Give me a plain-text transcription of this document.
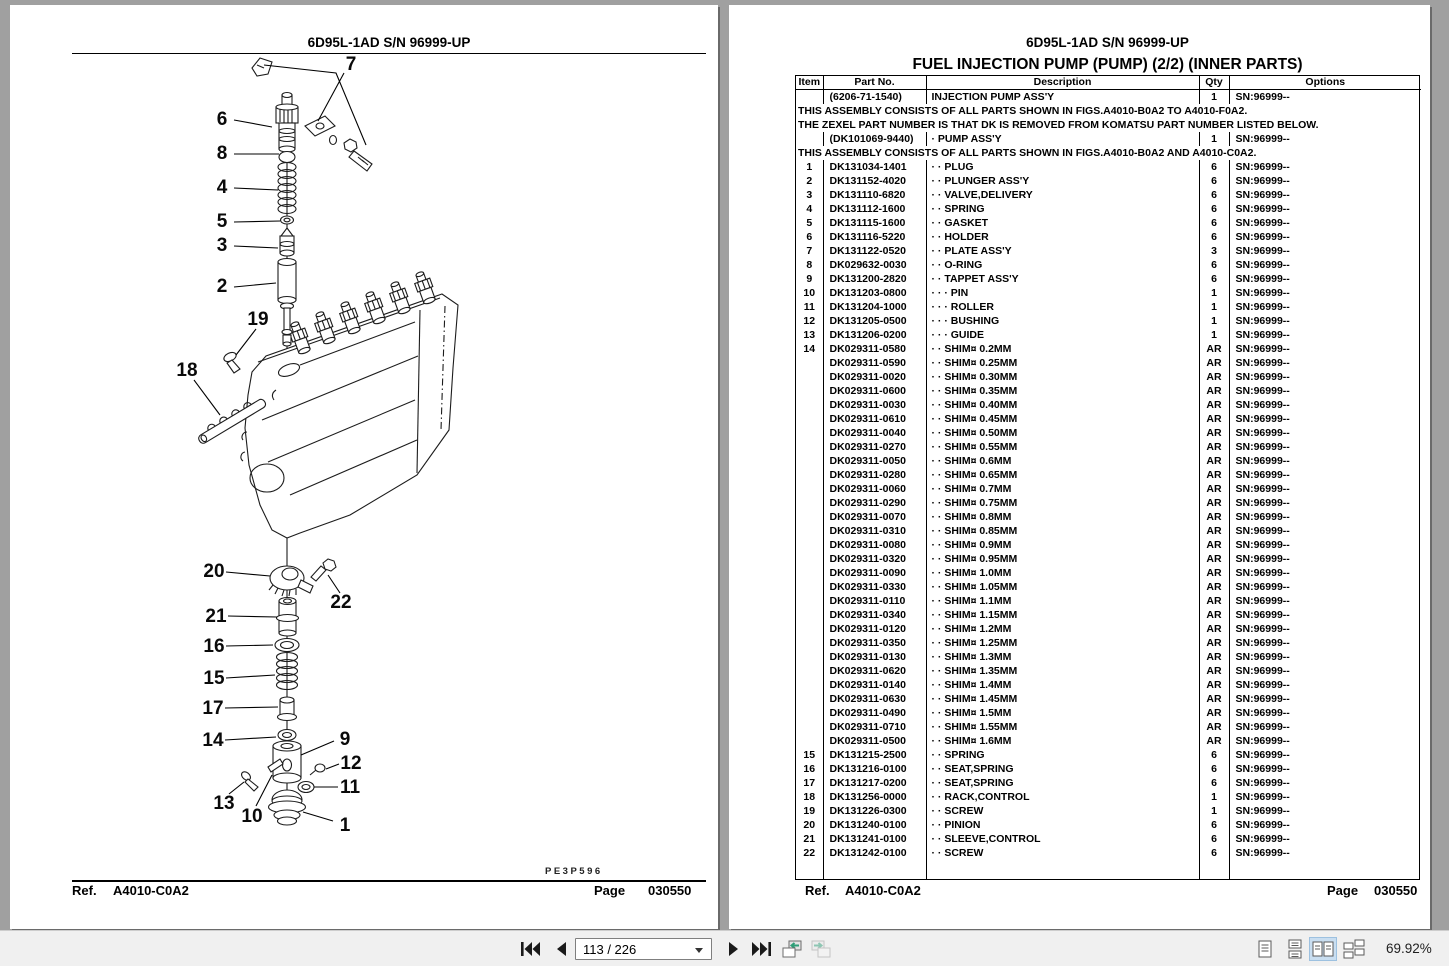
6D95L-1AD S/N 96999-UP
7
6
8
4
5
3
2
19
18
20
22
21
16
15
17
14	9
12
11
13
10	1
PE3P596
Ref. A4010-C0A2	Page 030550
6D95L-1AD S/N 96999-UP
FUEL INJECTION PUMP (PUMP) (2/2) (INNER PARTS)
Item	Part No.	Description	Qty	Options
	(6206-71-1540)	INJECTION PUMP ASS'Y	1	SN:96999--
THIS ASSEMBLY CONSISTS OF ALL PARTS SHOWN IN FIGS.A4010-B0A2 TO A4010-F0A2.				
THE ZEXEL PART NUMBER IS THAT DK IS REMOVED FROM KOMATSU PART NUMBER LISTED BELOW.				
	(DK101069-9440)	· PUMP ASS'Y	1	SN:96999--
THIS ASSEMBLY CONSISTS OF ALL PARTS SHOWN IN FIGS.A4010-B0A2 AND A4010-C0A2.				
1	DK131034-1401	· · PLUG	6	SN:96999--
2	DK131152-4020	· · PLUNGER ASS'Y	6	SN:96999--
3	DK131110-6820	· · VALVE,DELIVERY	6	SN:96999--
4	DK131112-1600	· · SPRING	6	SN:96999--
5	DK131115-1600	· · GASKET	6	SN:96999--
6	DK131116-5220	· · HOLDER	6	SN:96999--
7	DK131122-0520	· · PLATE ASS'Y	3	SN:96999--
8	DK029632-0030	· · O-RING	6	SN:96999--
9	DK131200-2820	· · TAPPET ASS'Y	6	SN:96999--
10	DK131203-0800	· · · PIN	1	SN:96999--
11	DK131204-1000	· · · ROLLER	1	SN:96999--
12	DK131205-0500	· · · BUSHING	1	SN:96999--
13	DK131206-0200	· · · GUIDE	1	SN:96999--
14	DK029311-0580	· · SHIM¤ 0.2MM	AR	SN:96999--
	DK029311-0590	· · SHIM¤ 0.25MM	AR	SN:96999--
	DK029311-0020	· · SHIM¤ 0.30MM	AR	SN:96999--
	DK029311-0600	· · SHIM¤ 0.35MM	AR	SN:96999--
	DK029311-0030	· · SHIM¤ 0.40MM	AR	SN:96999--
	DK029311-0610	· · SHIM¤ 0.45MM	AR	SN:96999--
	DK029311-0040	· · SHIM¤ 0.50MM	AR	SN:96999--
	DK029311-0270	· · SHIM¤ 0.55MM	AR	SN:96999--
	DK029311-0050	· · SHIM¤ 0.6MM	AR	SN:96999--
	DK029311-0280	· · SHIM¤ 0.65MM	AR	SN:96999--
	DK029311-0060	· · SHIM¤ 0.7MM	AR	SN:96999--
	DK029311-0290	· · SHIM¤ 0.75MM	AR	SN:96999--
	DK029311-0070	· · SHIM¤ 0.8MM	AR	SN:96999--
	DK029311-0310	· · SHIM¤ 0.85MM	AR	SN:96999--
	DK029311-0080	· · SHIM¤ 0.9MM	AR	SN:96999--
	DK029311-0320	· · SHIM¤ 0.95MM	AR	SN:96999--
	DK029311-0090	· · SHIM¤ 1.0MM	AR	SN:96999--
	DK029311-0330	· · SHIM¤ 1.05MM	AR	SN:96999--
	DK029311-0110	· · SHIM¤ 1.1MM	AR	SN:96999--
	DK029311-0340	· · SHIM¤ 1.15MM	AR	SN:96999--
	DK029311-0120	· · SHIM¤ 1.2MM	AR	SN:96999--
	DK029311-0350	· · SHIM¤ 1.25MM	AR	SN:96999--
	DK029311-0130	· · SHIM¤ 1.3MM	AR	SN:96999--
	DK029311-0620	· · SHIM¤ 1.35MM	AR	SN:96999--
	DK029311-0140	· · SHIM¤ 1.4MM	AR	SN:96999--
	DK029311-0630	· · SHIM¤ 1.45MM	AR	SN:96999--
	DK029311-0490	· · SHIM¤ 1.5MM	AR	SN:96999--
	DK029311-0710	· · SHIM¤ 1.55MM	AR	SN:96999--
	DK029311-0500	· · SHIM¤ 1.6MM	AR	SN:96999--
15	DK131215-2500	· · SPRING	6	SN:96999--
16	DK131216-0100	· · SEAT,SPRING	6	SN:96999--
17	DK131217-0200	· · SEAT,SPRING	6	SN:96999--
18	DK131256-0000	· · RACK,CONTROL	1	SN:96999--
19	DK131226-0300	· · SCREW	1	SN:96999--
20	DK131240-0100	· · PINION	6	SN:96999--
21	DK131241-0100	· · SLEEVE,CONTROL	6	SN:96999--
22	DK131242-0100	· · SCREW	6	SN:96999--

Ref. A4010-C0A2	Page 030550
113 / 226
69.92%
